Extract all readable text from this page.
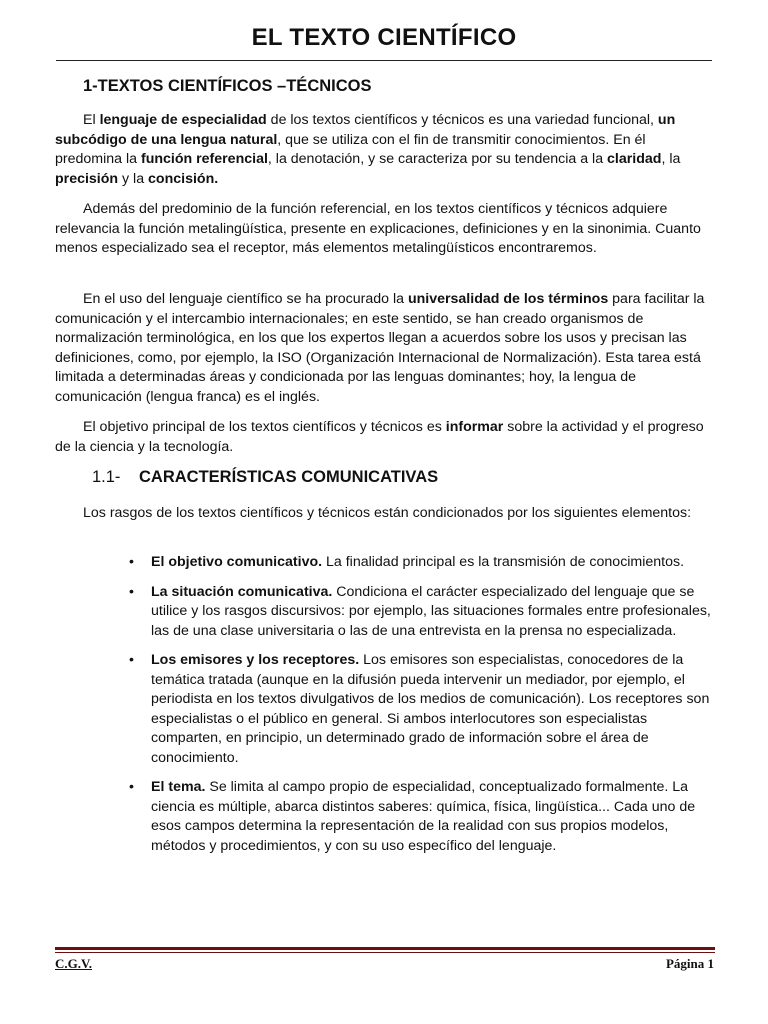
EL TEXTO CIENTÍFICO
1-TEXTOS CIENTÍFICOS –TÉCNICOS

El lenguaje de especialidad de los textos científicos y técnicos es una variedad funcional, un subcódigo de una lengua natural, que se utiliza con el fin de transmitir conocimientos. En él predomina la función referencial, la denotación, y se caracteriza por su tendencia a la claridad, la precisión y la concisión.

Además del predominio de la función referencial, en los textos científicos y técnicos adquiere relevancia la función metalingüística, presente en explicaciones, definiciones y en la sinonimia. Cuanto menos especializado sea el receptor, más elementos metalingüísticos encontraremos.

En el uso del lenguaje científico se ha procurado la universalidad de los términos para facilitar la comunicación y el intercambio internacionales; en este sentido, se han creado organismos de normalización terminológica, en los que los expertos llegan a acuerdos sobre los usos y precisan las definiciones, como, por ejemplo, la ISO (Organización Internacional de Normalización). Esta tarea está limitada a determinadas áreas y condicionada por las lenguas dominantes; hoy, la lengua de comunicación (lengua franca) es el inglés.

El objetivo principal de los textos científicos y técnicos es informar sobre la actividad y el progreso de la ciencia y la tecnología.

1.1- CARACTERÍSTICAS COMUNICATIVAS

Los rasgos de los textos científicos y técnicos están condicionados por los siguientes elementos:

• El objetivo comunicativo. La finalidad principal es la transmisión de conocimientos.
• La situación comunicativa. Condiciona el carácter especializado del lenguaje que se utilice y los rasgos discursivos: por ejemplo, las situaciones formales entre profesionales, las de una clase universitaria o las de una entrevista en la prensa no especializada.
• Los emisores y los receptores. Los emisores son especialistas, conocedores de la temática tratada (aunque en la difusión pueda intervenir un mediador, por ejemplo, el periodista en los textos divulgativos de los medios de comunicación). Los receptores son especialistas o el público en general. Si ambos interlocutores son especialistas comparten, en principio, un determinado grado de información sobre el área de conocimiento.
• El tema. Se limita al campo propio de especialidad, conceptualizado formalmente. La ciencia es múltiple, abarca distintos saberes: química, física, lingüística... Cada uno de esos campos determina la representación de la realidad con sus propios modelos, métodos y procedimientos, y con su uso específico del lenguaje.
C.G.V.	Página 1
